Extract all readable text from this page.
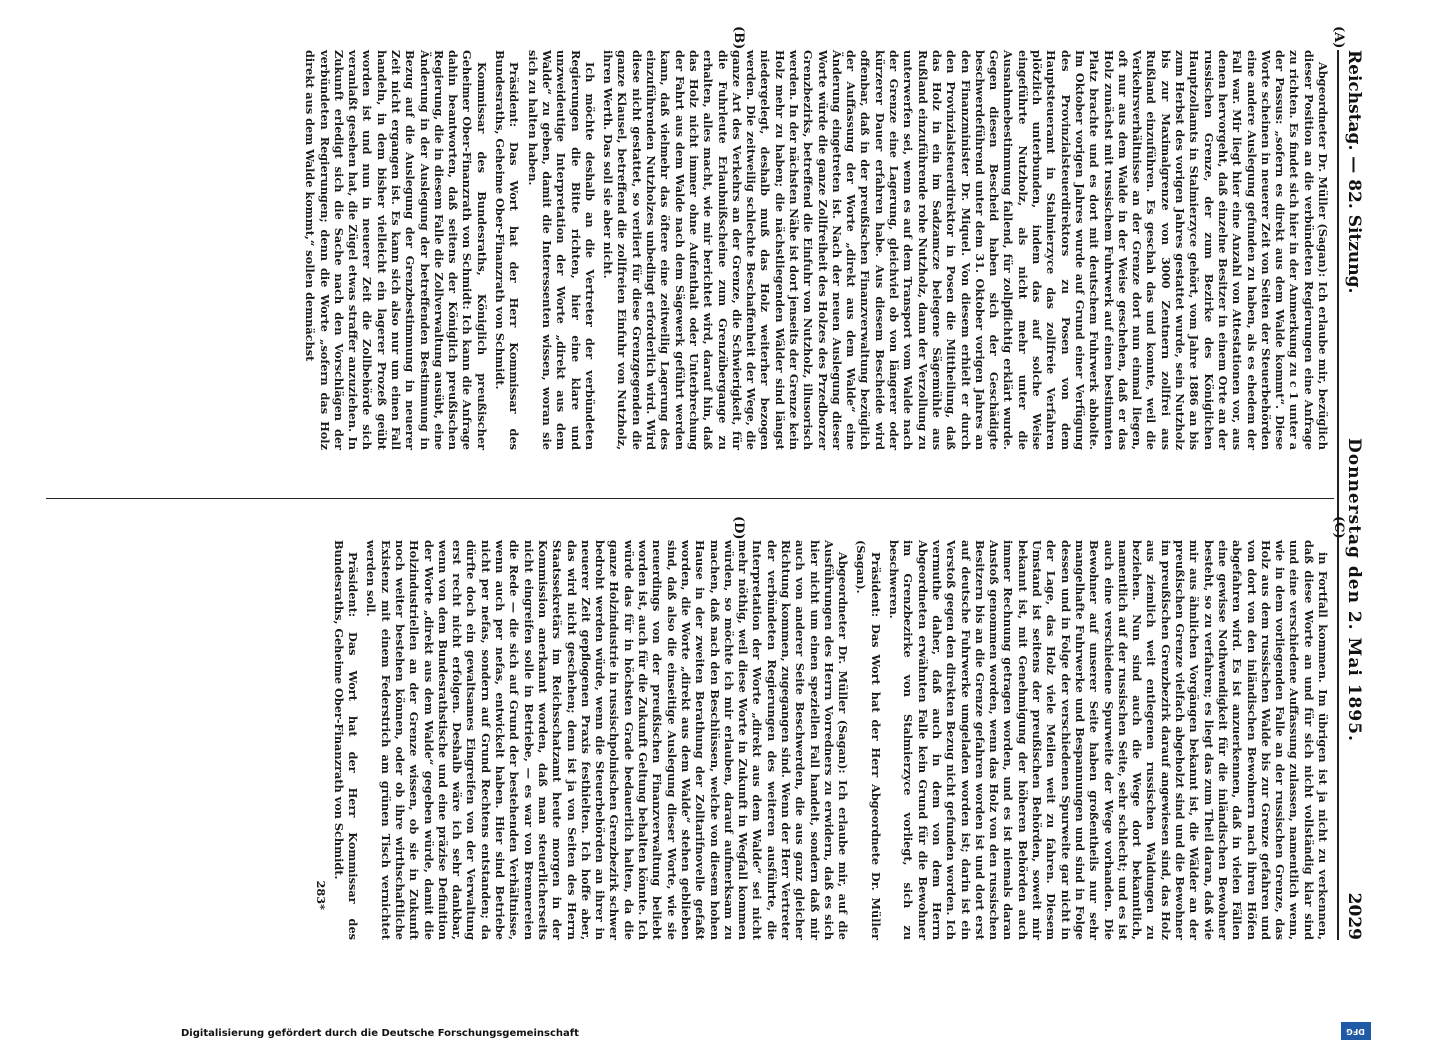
Reichstag. — 82. Sitzung.
Donnerstag den 2. Mai 1895.
2029
(A)
(B)
(C)
(D)

Abgeordneter Dr. Müller (Sagan): Ich erlaube mir, bezüglich dieser Position an die verbündeten Regierungen eine Anfrage zu richten. Es findet sich hier in der Anmerkung zu c 1 unter a der Passus: „sofern es direkt aus dem Walde kommt“. Diese Worte scheinen in neuerer Zeit von Seiten der Steuerbehörden eine andere Auslegung gefunden zu haben, als es ehedem der Fall war. Mir liegt hier eine Anzahl von Attestationen vor, aus denen hervorgeht, daß einzelne Besitzer in einem Orte an der russischen Grenze, der zum Bezirke des Königlichen Hauptzollamts in Stalmierzyce gehört, vom Jahre 1886 an bis zum Herbst des vorigen Jahres gestattet wurde, sein Nutzholz bis zur Maximalgrenze von 3000 Zentnern zollfrei aus Rußland einzuführen. Es geschah das und konnte, weil die Verkehrsverhältnisse an der Grenze dort nun einmal liegen, oft nur aus dem Walde in der Weise geschehen, daß er das Holz zunächst mit russischem Fuhrwerk auf einen bestimmten Platz brachte und es dort mit deutschem Fuhrwerk abholte. Im Oktober vorigen Jahres wurde auf Grund einer Verfügung des Provinzialsteuerdirektors zu Posen von dem Hauptsteueramt in Stalmierzyce das zollfreie Verfahren plötzlich unterbunden, indem das auf solche Weise eingeführte Nutzholz, als nicht mehr unter die Ausnahmebestimmung fallend, für zollpflichtig erklärt wurde. Gegen diesen Bescheid haben sich der Geschädigte beschwerdeführend unter dem 31. Oktober vorigen Jahres an den Finanzminister Dr. Miquel. Von diesem erhielt er durch den Provinzialsteuerdirektor in Posen die Mittheilung, daß das Holz in ein im Sadzamcze belegene Sägemühle aus Rußland einzuführende rohe Nutzholz, dann der Verzollung zu unterwerfen sei, wenn es auf dem Transport vom Walde nach der Grenze eine Lagerung, gleichviel ob von längerer oder kürzerer Dauer erfahren habe. Aus diesem Bescheide wird offenbar, daß in der preußischen Finanzverwaltung bezüglich der Auffassung der Worte „direkt aus dem Walde“ eine Änderung eingetreten ist. Nach der neuen Auslegung dieser Worte würde die ganze Zollfreiheit des Holzes des Przedborzer Grenzbezirks, betreffend die Einfuhr von Nutzholz, illusorisch werden. In der nächsten Nähe ist dort jenseits der Grenze kein Holz mehr zu haben; die nächstliegenden Wälder sind längst niedergelegt, deshalb muß das Holz weiterher bezogen werden. Die zeitweilig schlechte Beschaffenheit der Wege, die ganze Art des Verkehrs an der Grenze, die Schwierigkeit, für die Fuhrleute Erlaubnißscheine zum Grenzübergange zu erhalten, alles macht, wie mir berichtet wird, darauf hin, daß das Holz nicht immer ohne Aufenthalt oder Unterbrechung der Fahrt aus dem Walde nach dem Sägewerk geführt werden kann, daß vielmehr das öftere eine zeitweilig Lagerung des einzuführenden Nutzholzes unbedingt erforderlich wird. Wird diese nicht gestattet, so verliert für diese Grenzgegenden die ganze Klausel, betreffend die zollfreien Einfuhr von Nutzholz, ihren Werth. Das soll sie aber nicht.

Ich möchte deshalb an die Vertreter der verbündeten Regierungen die Bitte richten, hier eine klare und unzweideutige Interpretation der Worte „direkt aus dem Walde“ zu geben, damit die Interessenten wissen, woran sie sich zu halten haben.

Präsident: Das Wort hat der Herr Kommissar des Bundesraths, Geheime Ober-Finanzrath von Schmidt.

Kommissar des Bundesraths, Königlich preußischer Geheimer Ober-Finanzrath von Schmidt: Ich kann die Anfrage dahin beantworten, daß seitens der Königlich preußischen Regierung, die in diesem Falle die Zollverwaltung ausübt, eine Änderung in der Auslegung der betreffenden Bestimmung in Bezug auf die Auslegung der Grenzbestimmung in neuerer Zeit nicht ergangen ist. Es kann sich also nur um einen Fall handeln, in dem bisher vielleicht ein lagerer Prozeß geübt worden ist und nun in neuerer Zeit die Zollbehörde sich veranlaßt gesehen hat, die Zügel etwas straffer anzuziehen. In Zukunft erledigt sich die Sache nach den Vorschlägen der verbündeten Regierungen; denn die Worte „sofern das Holz direkt aus dem Walde kommt,“ sollen demnächst

in Fortfall kommen. Im übrigen ist ja nicht zu verkennen, daß diese Worte an und für sich nicht vollständig klar sind und eine verschiedene Auffassung zulassen, namentlich wenn, wie in dem vorliegenden Falle an der russischen Grenze, das Holz aus dem russischen Walde bis zur Grenze gefahren und von dort von den inländischen Bewohnern nach ihren Höfen abgefahren wird. Es ist anzuerkennen, daß in vielen Fällen eine gewisse Nothwendigkeit für die inländischen Bewohner besteht, so zu verfahren; es liegt das zum Theil daran, daß wie mir aus ähnlichen Vorgängen bekannt ist, die Wälder an der preußischen Grenze vielfach abgeholzt sind und die Bewohner im preußischen Grenzbezirk darauf angewiesen sind, das Holz aus ziemlich weit entlegenen russischen Waldungen zu beziehen. Nun sind auch die Wege dort bekanntlich, namentlich auf der russischen Seite, sehr schlecht; und es ist auch eine verschiedene Spurweite der Wege vorhanden. Die Bewohner auf unserer Seite haben großentheils nur sehr mangelhafte Fuhrwerke und Bespannungen und sind in Folge dessen und in Folge der verschiedenen Spurweite gar nicht in der Lage, das Holz viele Meilen weit zu fahren. Diesem Umstand ist seitens der preußischen Behörden, soweit mir bekannt ist, mit Genehmigung der höheren Behörden auch immer Rechnung getragen worden, und es ist niemals daran Anstoß genommen worden, wenn das Holz von den russischen Besitzern bis an die Grenze gefahren worden ist und dort erst auf deutsche Fuhrwerke umgeladen worden ist; darin ist ein Verstoß gegen den direkten Bezug nicht gefunden worden. Ich vermuthe daher, daß auch in dem von dem Herrn Abgeordneten erwähnten Falle kein Grund für die Bewohner im Grenzbezirke von Stalmierzyce vorliegt, sich zu beschweren.

Präsident: Das Wort hat der Herr Abgeordnete Dr. Müller (Sagan).

Abgeordneter Dr. Müller (Sagan): Ich erlaube mir, auf die Ausführungen des Herrn Vorredners zu erwidern, daß es sich hier nicht um einen speziellen Fall handelt, sondern daß mir auch von anderer Seite Beschwerden, die aus ganz gleicher Richtung kommen, zugegangen sind. Wenn der Herr Vertreter der verbündeten Regierungen des weiteren ausführte, die Interpretation der Worte „direkt aus dem Walde“ sei nicht mehr nöthig, weil diese Worte in Zukunft in Wegfall kommen würden, so möchte ich mir erlauben, darauf aufmerksam zu machen, daß nach den Beschlüssen, welche von diesem hohen Hause in der zweiten Berathung der Zolltarifnovelle gefaßt worden, die Worte „direkt aus dem Walde“ stehen geblieben sind, daß also die einseitige Auslegung dieser Worte, wie sie neuerdings von der preußischen Finanzverwaltung beliebt worden ist, auch für die Zukunft Geltung behalten könnte. Ich würde das für in höchsten Grade bedauerlich halten, da die ganze Holzindustrie in russischpolnischen Grenzbezirk schwer bedroht werden würde, wenn die Steuerbehörden an ihrer in neuerer Zeit gepflogenen Praxis festhielten. Ich hoffe aber, das wird nicht geschehen; denn ist ja von Seiten des Herrn Staatssekretärs im Reichsschatzamt heute morgen in der Kommission anerkannt worden, daß man steuerlicherseits nicht eingreifen solle in Betriebe, — es war von Brennereien die Rede — die sich auf Grund der bestehenden Verhältnisse, wenn auch per nefas, entwickelt haben. Hier sind Betriebe nicht per nefas, sondern auf Grund Rechtens entstanden; da dürfte doch ein gewaltsames Eingreifen von der Verwaltung erst recht nicht erfolgen. Deshalb wäre ich sehr dankbar, wenn von dem Bundesrathstische und eine präzise Definition der Worte „direkt aus dem Walde“ gegeben würde, damit die Holzindustriellen an der Grenze wissen, ob sie in Zukunft noch weiter bestehen können, oder ob ihre wirthschaftliche Existenz mit einem Federstrich am grünen Tisch vernichtet werden soll.

Präsident: Das Wort hat der Herr Kommissar des Bundesraths, Geheime Ober-Finanzrath von Schmidt.

283*

Digitalisierung gefördert durch die Deutsche Forschungsgemeinschaft	DFG
